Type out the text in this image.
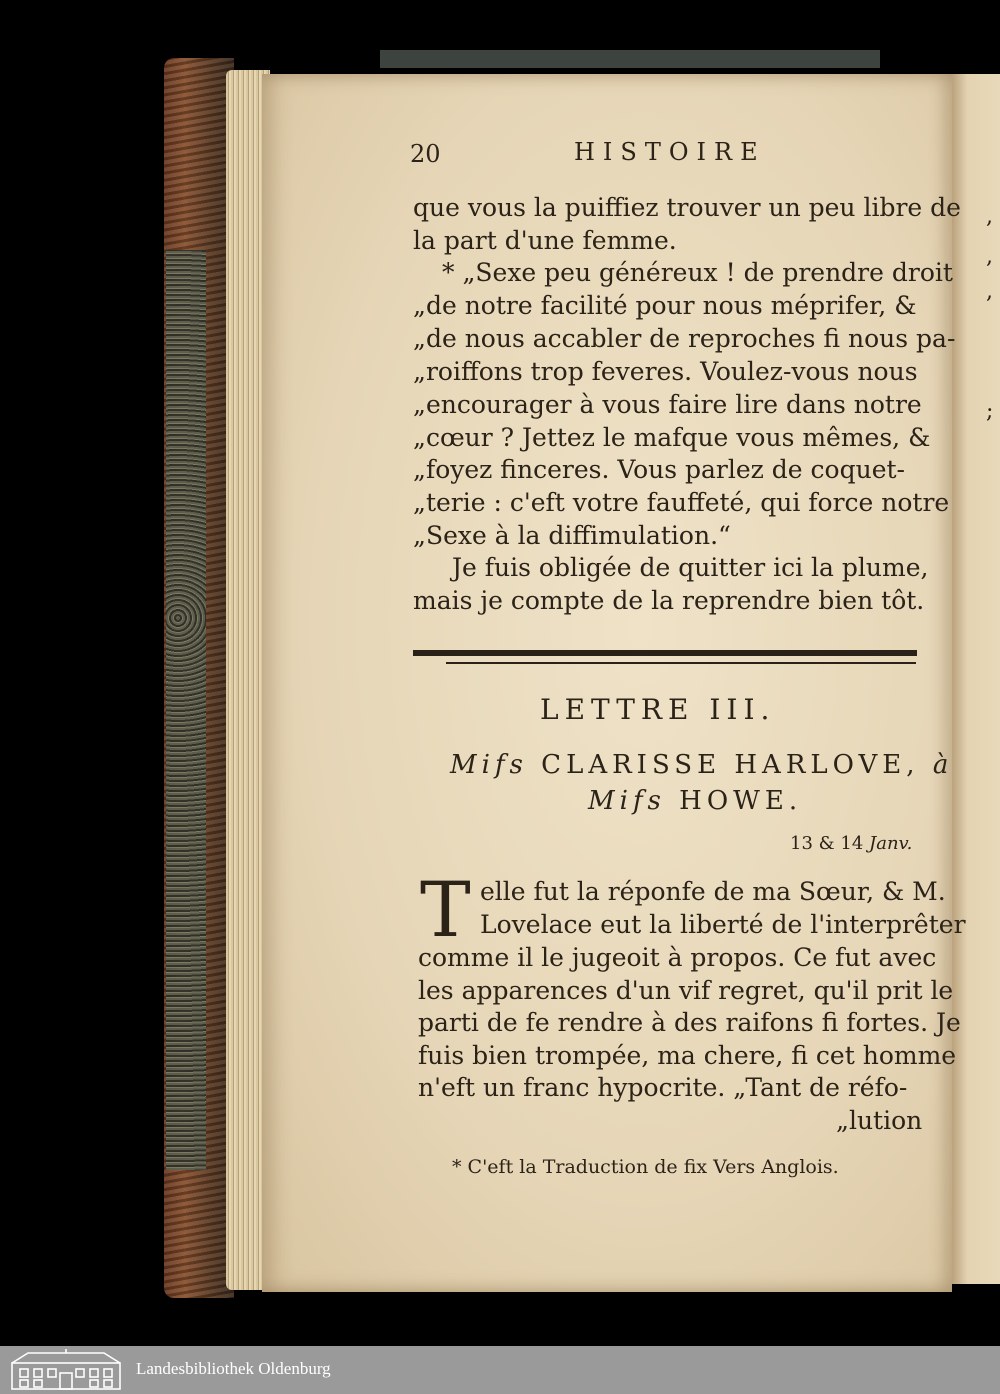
,
,
,
;
20	HISTOIRE
que vous la puiffiez trouver un peu libre de
la part d'une femme.
* „Sexe peu généreux ! de prendre droit
„de notre facilité pour nous méprifer, &
„de nous accabler de reproches fi nous pa-
„roiffons trop feveres. Voulez-vous nous
„encourager à vous faire lire dans notre
„cœur ? Jettez le mafque vous mêmes, &
„foyez finceres. Vous parlez de coquet-
„terie : c'eft votre fauffeté, qui force notre
„Sexe à la diffimulation.“
Je fuis obligée de quitter ici la plume,
mais je compte de la reprendre bien tôt.
LETTRE III.
Mifs CLARISSE HARLOVE, à
Mifs HOWE.
13 & 14 Janv.
T elle fut la réponfe de ma Sœur, & M.
Lovelace eut la liberté de l'interprêter
comme il le jugeoit à propos. Ce fut avec
les apparences d'un vif regret, qu'il prit le
parti de fe rendre à des raifons fi fortes. Je
fuis bien trompée, ma chere, fi cet homme
n'eft un franc hypocrite. „Tant de réfo-
„lution
* C'eft la Traduction de fix Vers Anglois.
Landesbibliothek Oldenburg
